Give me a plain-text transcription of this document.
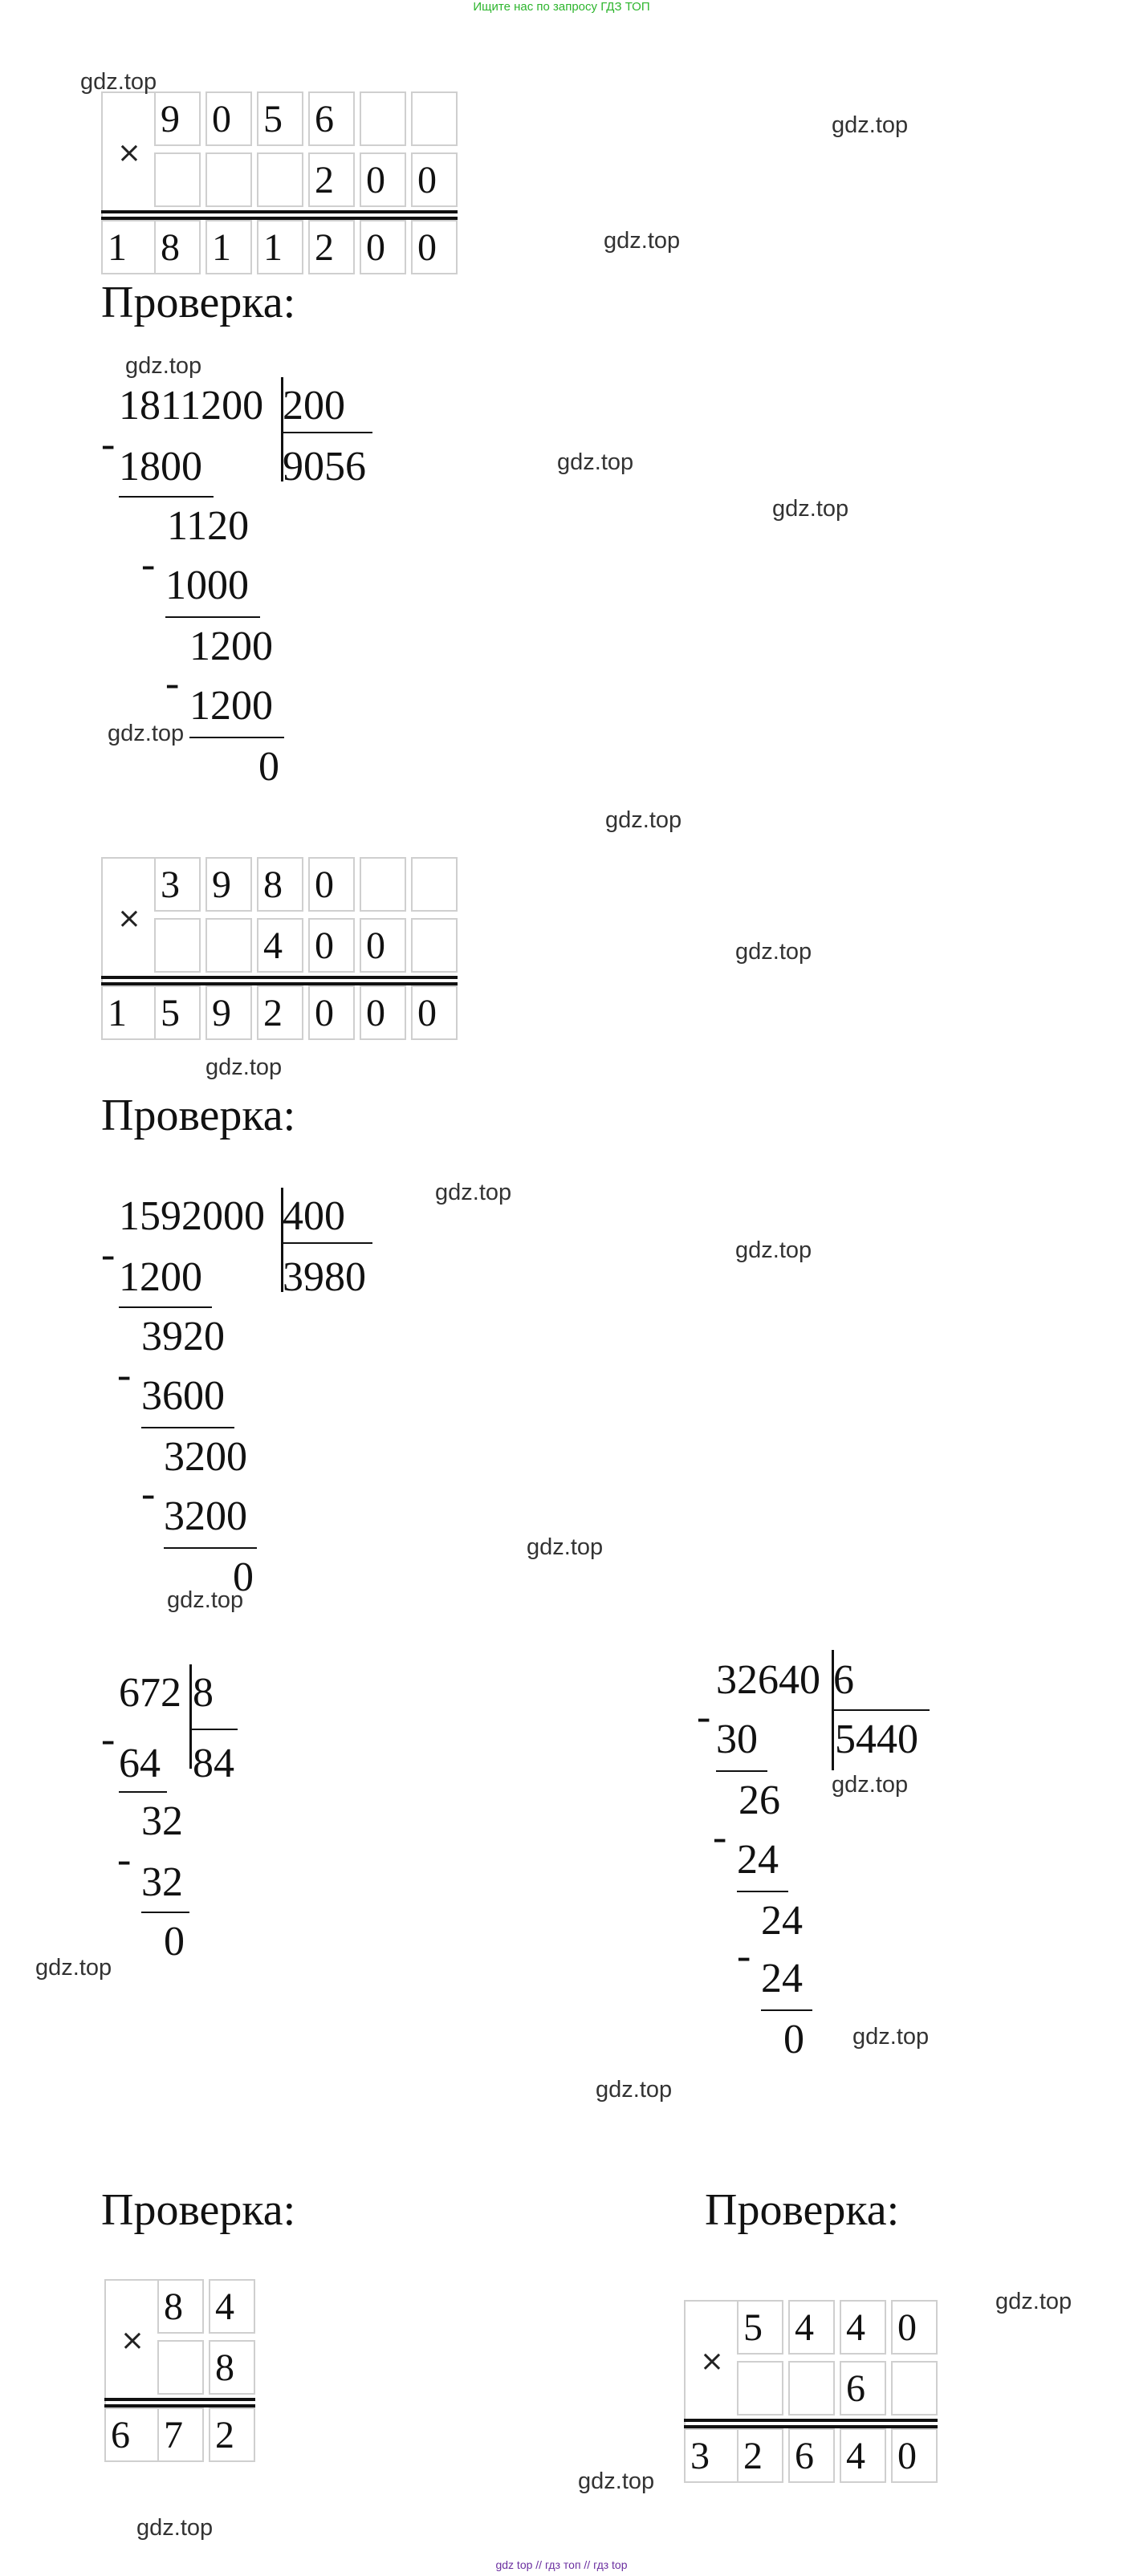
Ищите нас по запросу ГДЗ ТОП
×
9 0 5 6
2 0 0
1 8 1 1 2 0 0
Проверка:
1811200 200
9056
- 1800
1120
- 1000
1200
- 1200
0
×
3 9 8 0
4 0 0
1 5 9 2 0 0 0
Проверка:
1592000 400
3980
- 1200
3920
- 3600
3200
- 3200
0
672 8
84
-
64
32
- 32
0
32640 6
5440
- 30
26
- 24
24
- 24
0
Проверка:	Проверка:
×
8 4
8
6 7 2
×
5 4 4 0
6
3 2 6 4 0
gdz.top
gdz.top
gdz.top
gdz.top
gdz.top
gdz.top
gdz.top
gdz.top
gdz.top
gdz.top
gdz.top
gdz.top
gdz.top
gdz.top
gdz.top
gdz.top
gdz.top
gdz.top
gdz.top
gdz.top
gdz.top
gdz top // гдз топ // гдз top
